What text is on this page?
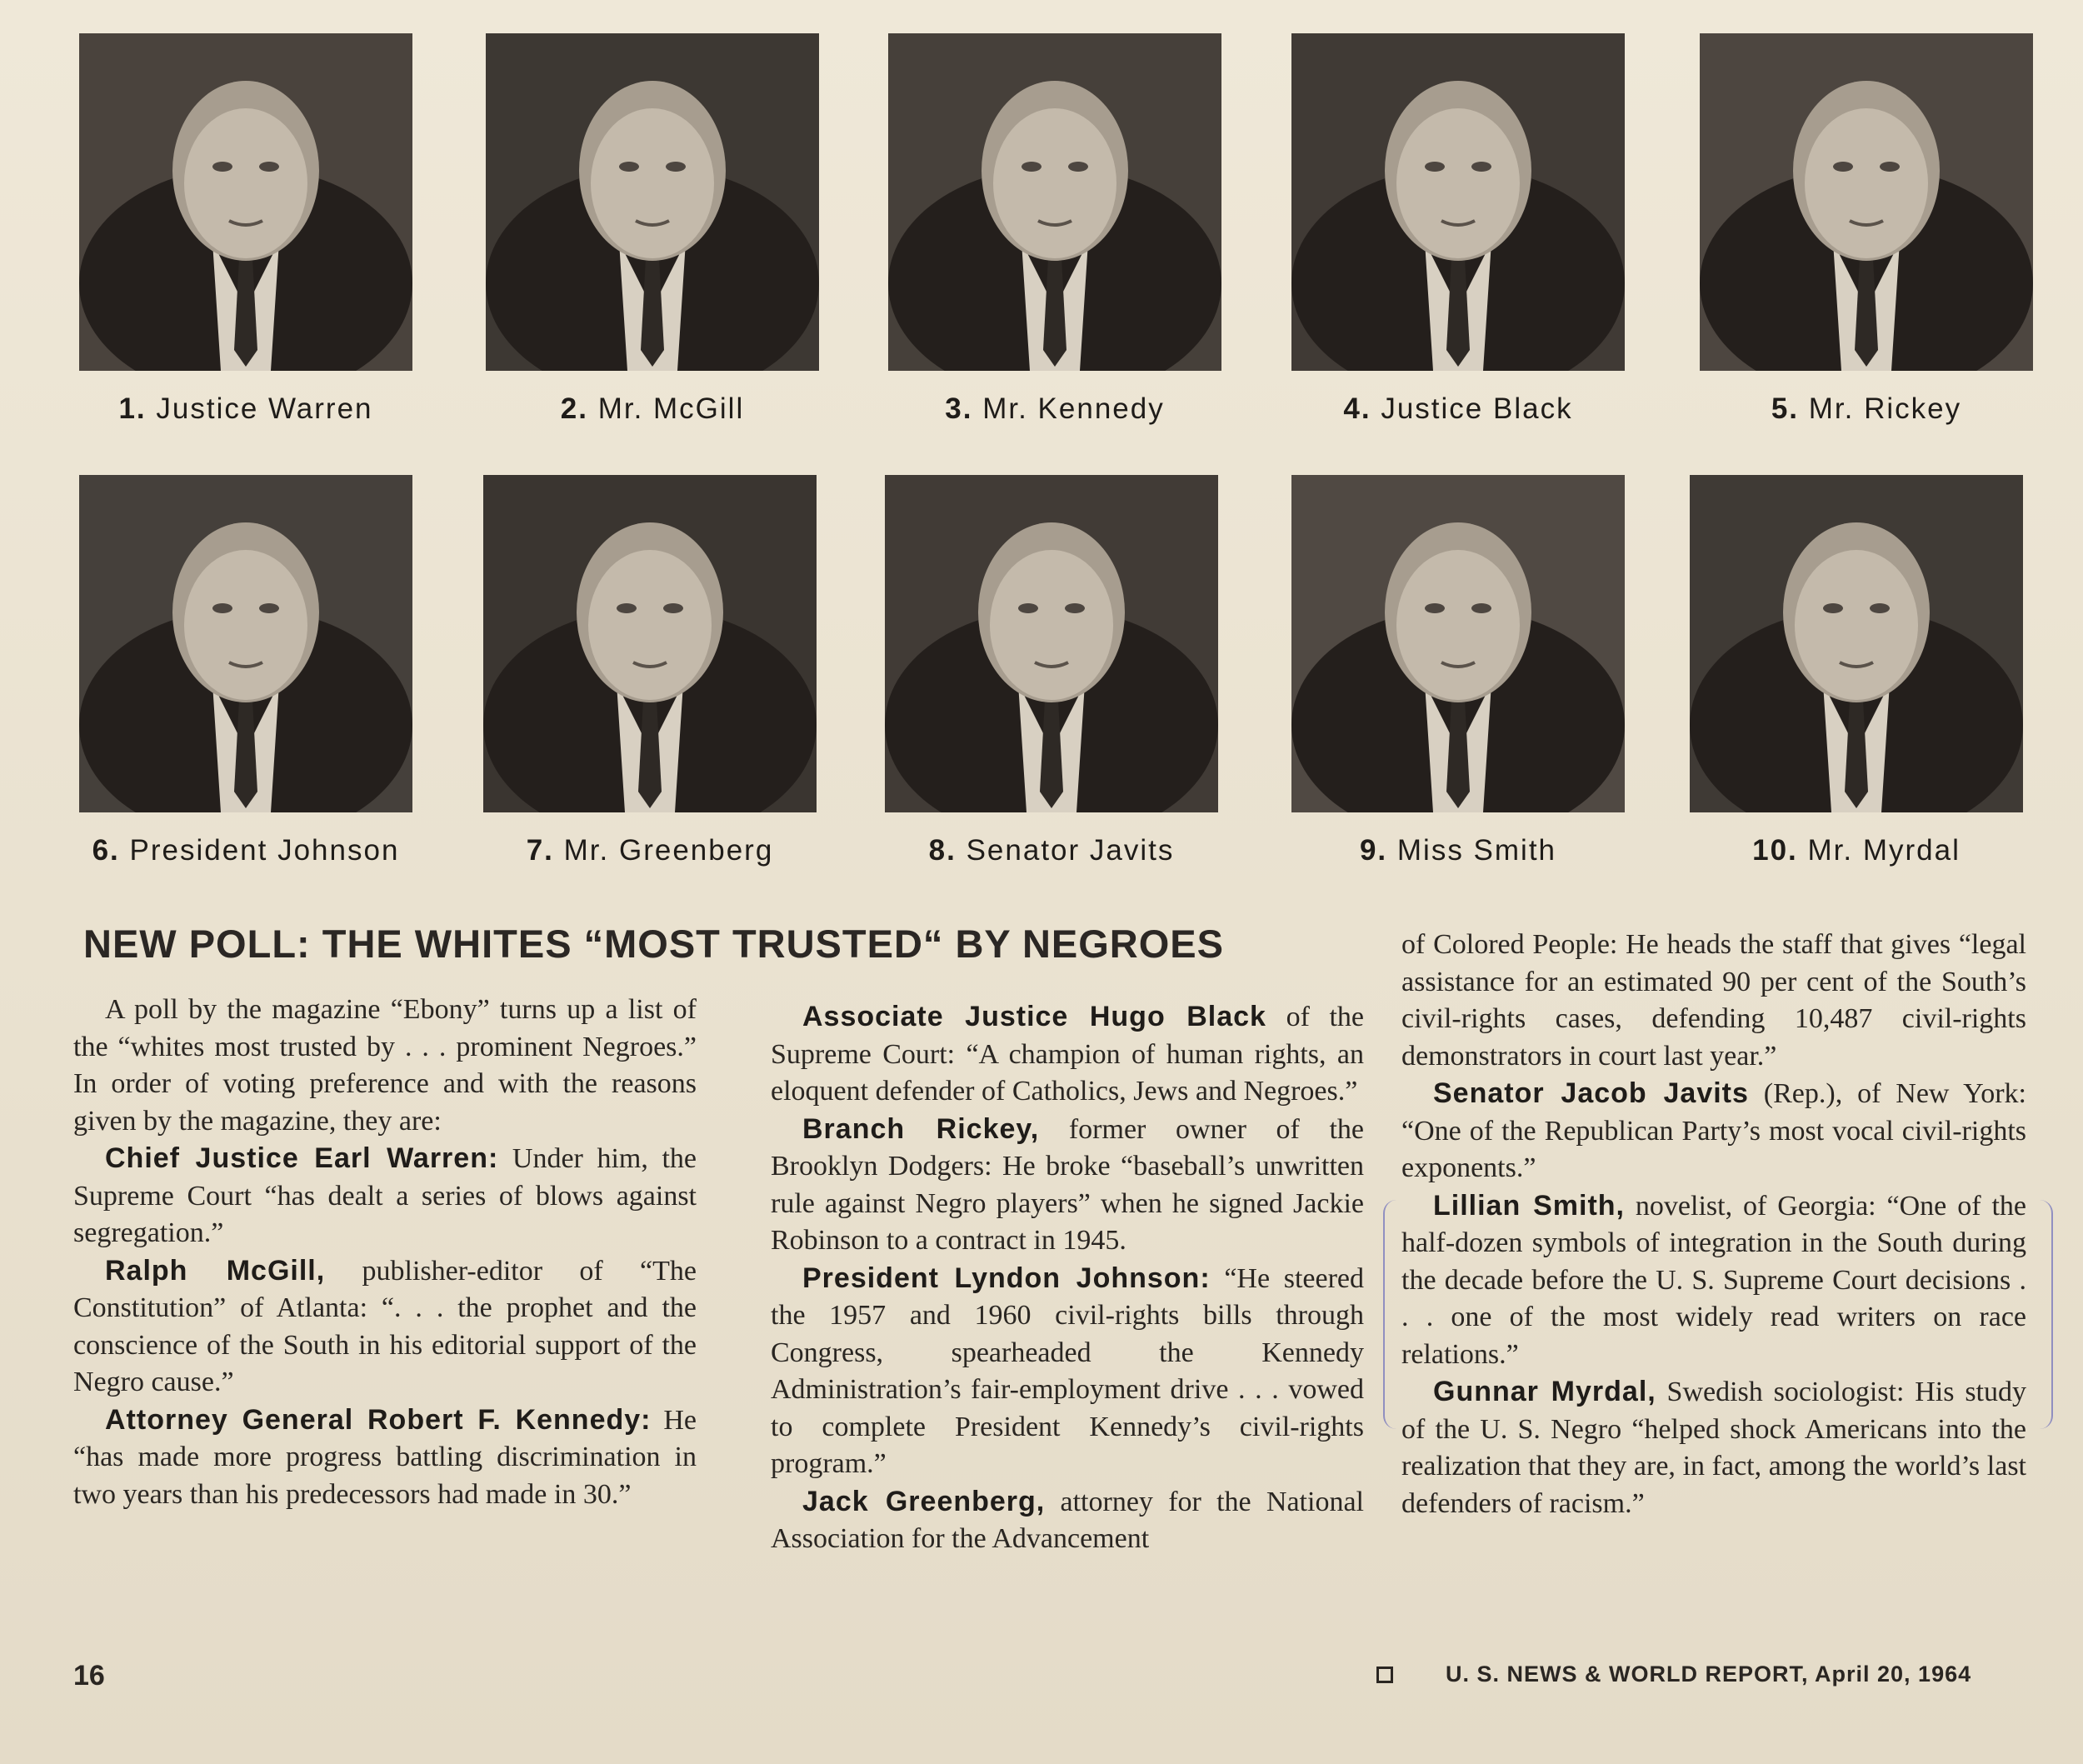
1. Justice Warren	2. Mr. McGill	3. Mr. Kennedy	4. Justice Black	5. Mr. Rickey
6. President Johnson	7. Mr. Greenberg	8. Senator Javits	9. Miss Smith	10. Mr. Myrdal
NEW POLL: THE WHITES “MOST TRUSTED“ BY NEGROES

A poll by the magazine “Ebony” turns up a list of the “whites most trusted by . . . prominent Negroes.” In order of voting preference and with the reasons given by the magazine, they are:

Chief Justice Earl Warren: Under him, the Supreme Court “has dealt a series of blows against segregation.”

Ralph McGill, publisher-editor of “The Constitution” of Atlanta: “. . . the prophet and the conscience of the South in his editorial support of the Negro cause.”

Attorney General Robert F. Kennedy: He “has made more progress battling discrimination in two years than his predecessors had made in 30.”

Associate Justice Hugo Black of the Supreme Court: “A champion of human rights, an eloquent defender of Catholics, Jews and Negroes.”

Branch Rickey, former owner of the Brooklyn Dodgers: He broke “baseball’s unwritten rule against Negro players” when he signed Jackie Robinson to a contract in 1945.

President Lyndon Johnson: “He steered the 1957 and 1960 civil-rights bills through Congress, spearheaded the Kennedy Administration’s fair-employment drive . . . vowed to complete President Kennedy’s civil-rights program.”

Jack Greenberg, attorney for the National Association for the Advancement

of Colored People: He heads the staff that gives “legal assistance for an estimated 90 per cent of the South’s civil-rights cases, defending 10,487 civil-rights demonstrators in court last year.”

Senator Jacob Javits (Rep.), of New York: “One of the Republican Party’s most vocal civil-rights exponents.”

Lillian Smith, novelist, of Georgia: “One of the half-dozen symbols of integration in the South during the decade before the U. S. Supreme Court decisions . . . one of the most widely read writers on race relations.”

Gunnar Myrdal, Swedish sociologist: His study of the U. S. Negro “helped shock Americans into the realization that they are, in fact, among the world’s last defenders of racism.”

16	U. S. NEWS & WORLD REPORT, April 20, 1964
